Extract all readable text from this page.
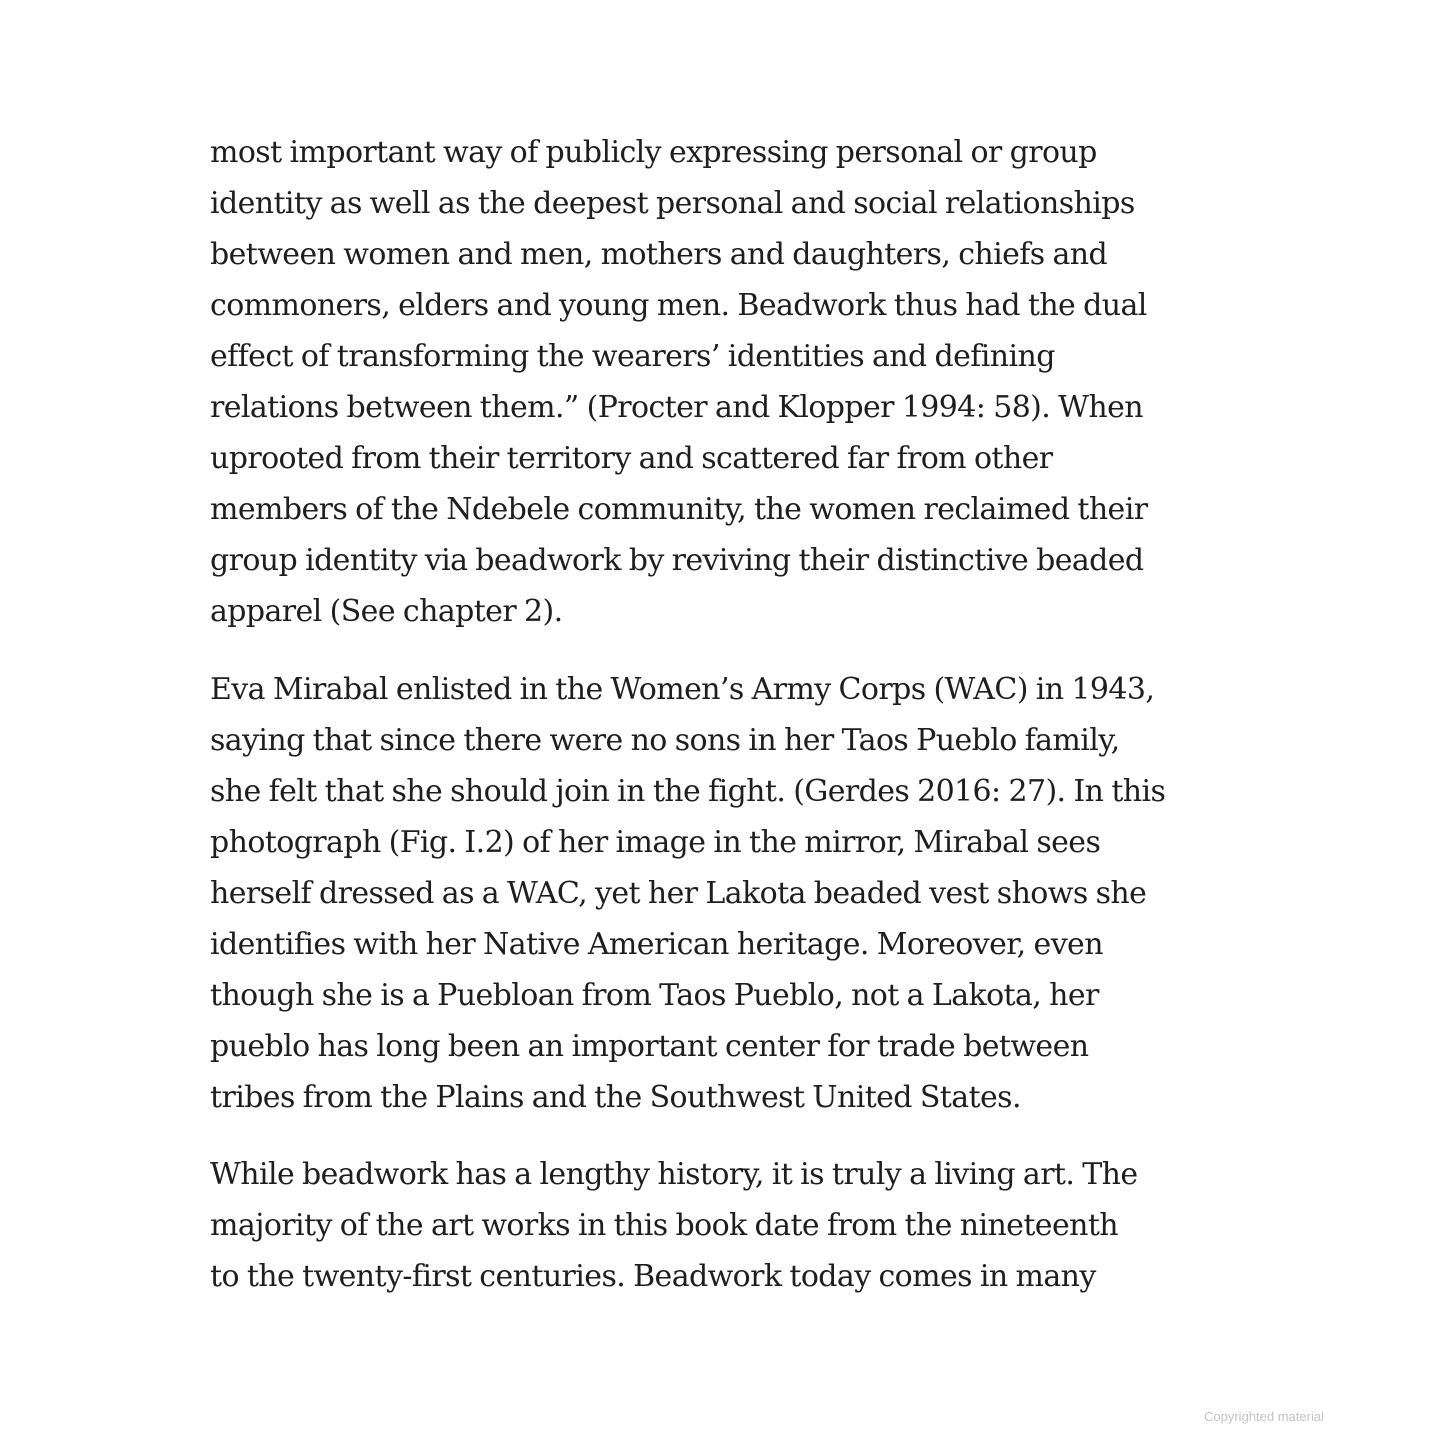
most important way of publicly expressing personal or group
identity as well as the deepest personal and social relationships
between women and men, mothers and daughters, chiefs and
commoners, elders and young men. Beadwork thus had the dual
effect of transforming the wearers’ identities and defining
relations between them.” (Procter and Klopper 1994: 58). When
uprooted from their territory and scattered far from other
members of the Ndebele community, the women reclaimed their
group identity via beadwork by reviving their distinctive beaded
apparel (See chapter 2).
Eva Mirabal enlisted in the Women’s Army Corps (WAC) in 1943,
saying that since there were no sons in her Taos Pueblo family,
she felt that she should join in the fight. (Gerdes 2016: 27). In this
photograph (Fig. I.2) of her image in the mirror, Mirabal sees
herself dressed as a WAC, yet her Lakota beaded vest shows she
identifies with her Native American heritage. Moreover, even
though she is a Puebloan from Taos Pueblo, not a Lakota, her
pueblo has long been an important center for trade between
tribes from the Plains and the Southwest United States.
While beadwork has a lengthy history, it is truly a living art. The
majority of the art works in this book date from the nineteenth
to the twenty-first centuries. Beadwork today comes in many
Copyrighted material
